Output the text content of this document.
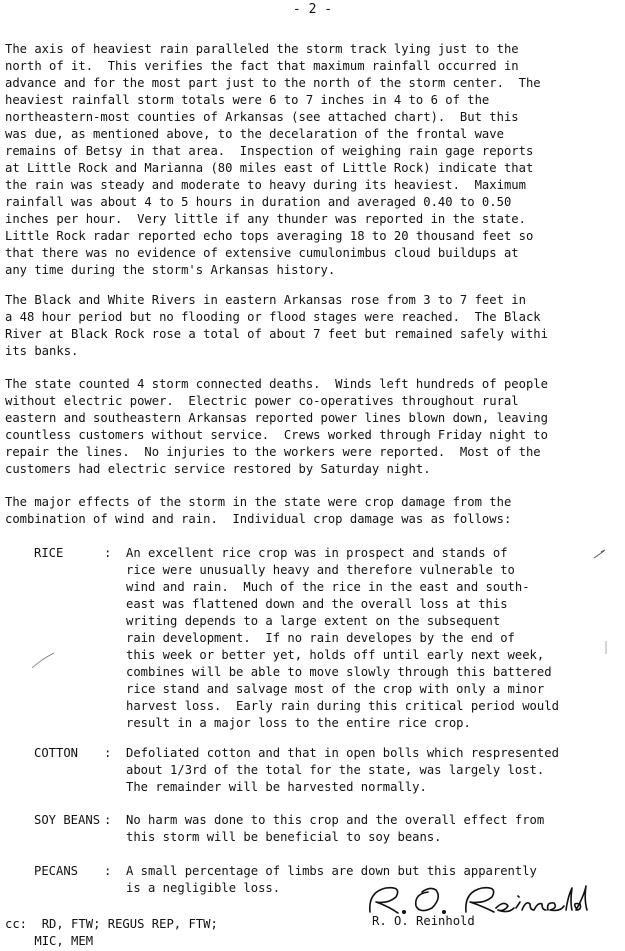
- 2 -

The axis of heaviest rain paralleled the storm track lying just to the
north of it.  This verifies the fact that maximum rainfall occurred in
advance and for the most part just to the north of the storm center.  The
heaviest rainfall storm totals were 6 to 7 inches in 4 to 6 of the
northeastern-most counties of Arkansas (see attached chart).  But this
was due, as mentioned above, to the decelaration of the frontal wave
remains of Betsy in that area.  Inspection of weighing rain gage reports
at Little Rock and Marianna (80 miles east of Little Rock) indicate that
the rain was steady and moderate to heavy during its heaviest.  Maximum
rainfall was about 4 to 5 hours in duration and averaged 0.40 to 0.50
inches per hour.  Very little if any thunder was reported in the state.
Little Rock radar reported echo tops averaging 18 to 20 thousand feet so
that there was no evidence of extensive cumulonimbus cloud buildups at
any time during the storm's Arkansas history.

The Black and White Rivers in eastern Arkansas rose from 3 to 7 feet in
a 48 hour period but no flooding or flood stages were reached.  The Black
River at Black Rock rose a total of about 7 feet but remained safely withi
its banks.

The state counted 4 storm connected deaths.  Winds left hundreds of people
without electric power.  Electric power co-operatives throughout rural
eastern and southeastern Arkansas reported power lines blown down, leaving
countless customers without service.  Crews worked through Friday night to
repair the lines.  No injuries to the workers were reported.  Most of the
customers had electric service restored by Saturday night.

The major effects of the storm in the state were crop damage from the
combination of wind and rain.  Individual crop damage was as follows:

RICE	: An excellent rice crop was in prospect and stands of
rice were unusually heavy and therefore vulnerable to
wind and rain.  Much of the rice in the east and south-
east was flattened down and the overall loss at this
writing depends to a large extent on the subsequent
rain development.  If no rain developes by the end of
this week or better yet, holds off until early next week,
combines will be able to move slowly through this battered
rice stand and salvage most of the crop with only a minor
harvest loss.  Early rain during this critical period would
result in a major loss to the entire rice crop.
COTTON : Defoliated cotton and that in open bolls which respresented
about 1/3rd of the total for the state, was largely lost.
The remainder will be harvested normally.
SOY BEANS : No harm was done to this crop and the overall effect from
this storm will be beneficial to soy beans.
PECANS : A small percentage of limbs are down but this apparently
is a negligible loss.
R. O. Reinhold
cc: RD, FTW; REGUS REP, FTW;
MIC, MEM
